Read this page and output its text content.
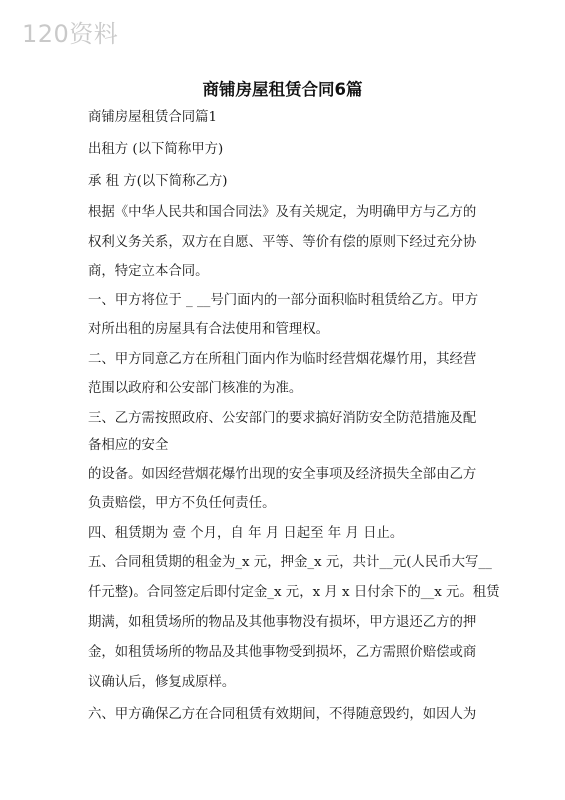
120资料
商铺房屋租赁合同6篇
商铺房屋租赁合同篇1
出租方 (以下简称甲方)
承 租 方(以下简称乙方)
根据《中华人民共和国合同法》及有关规定，为明确甲方与乙方的
权利义务关系，双方在自愿、平等、等价有偿的原则下经过充分协
商，特定立本合同。
一、甲方将位于 _ __号门面内的一部分面积临时租赁给乙方。甲方
对所出租的房屋具有合法使用和管理权。
二、甲方同意乙方在所租门面内作为临时经营烟花爆竹用，其经营
范围以政府和公安部门核准的为准。
三、乙方需按照政府、公安部门的要求搞好消防安全防范措施及配
备相应的安全
的设备。如因经营烟花爆竹出现的安全事项及经济损失全部由乙方
负责赔偿，甲方不负任何责任。
四、租赁期为 壹 个月，自 年 月 日起至 年 月 日止。
五、合同租赁期的租金为_x 元，押金_x 元，共计__元(人民币大写__
仟元整)。合同签定后即付定金_x 元，x 月 x 日付余下的__x 元。租赁
期满，如租赁场所的物品及其他事物没有损坏，甲方退还乙方的押
金，如租赁场所的物品及其他事物受到损坏，乙方需照价赔偿或商
议确认后，修复成原样。
六、甲方确保乙方在合同租赁有效期间，不得随意毁约，如因人为
